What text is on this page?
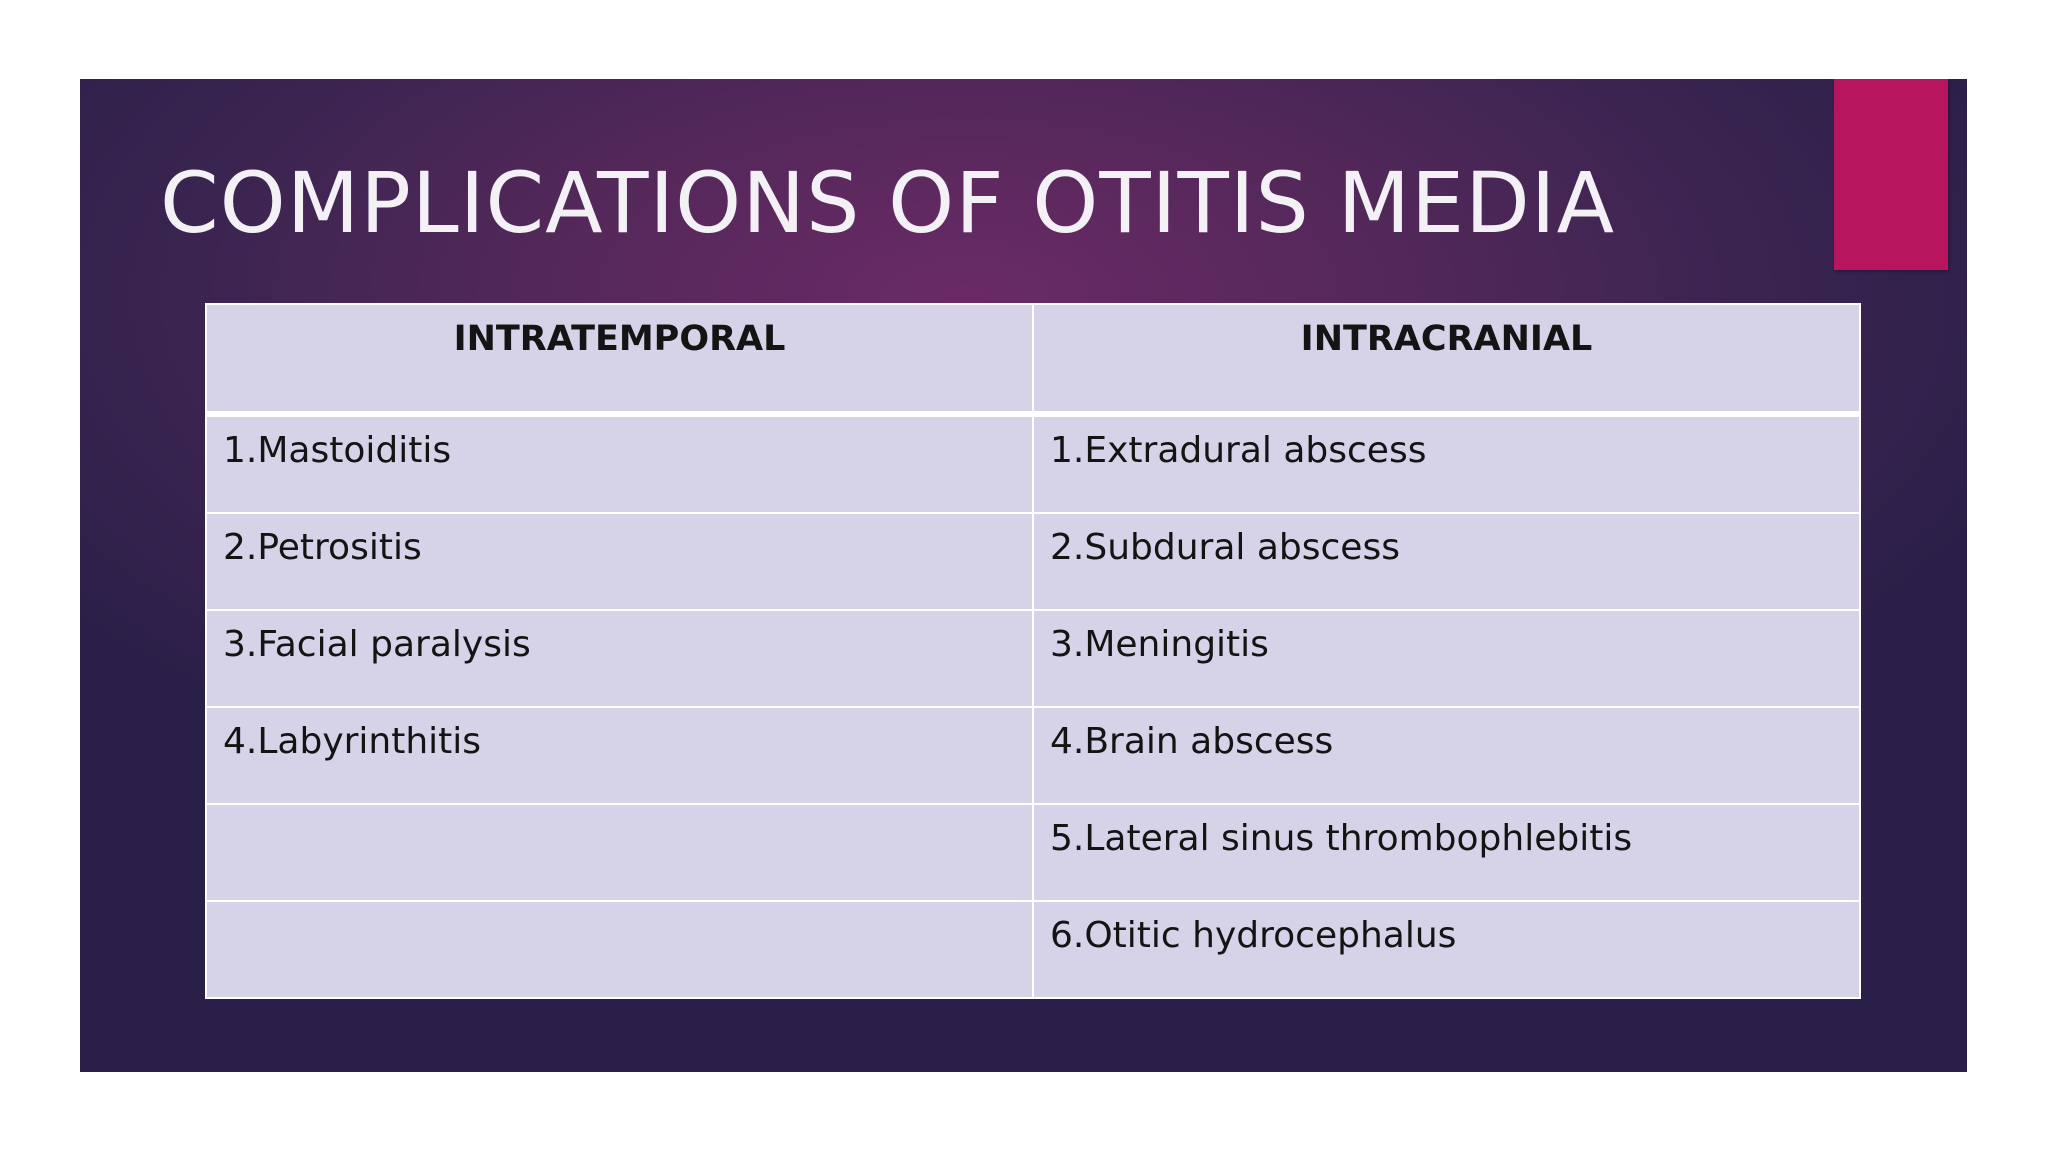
COMPLICATIONS OF OTITIS MEDIA
INTRATEMPORAL	INTRACRANIAL
1.Mastoiditis	1.Extradural abscess
2.Petrositis	2.Subdural abscess
3.Facial paralysis	3.Meningitis
4.Labyrinthitis	4.Brain abscess
	5.Lateral sinus thrombophlebitis
	6.Otitic hydrocephalus
